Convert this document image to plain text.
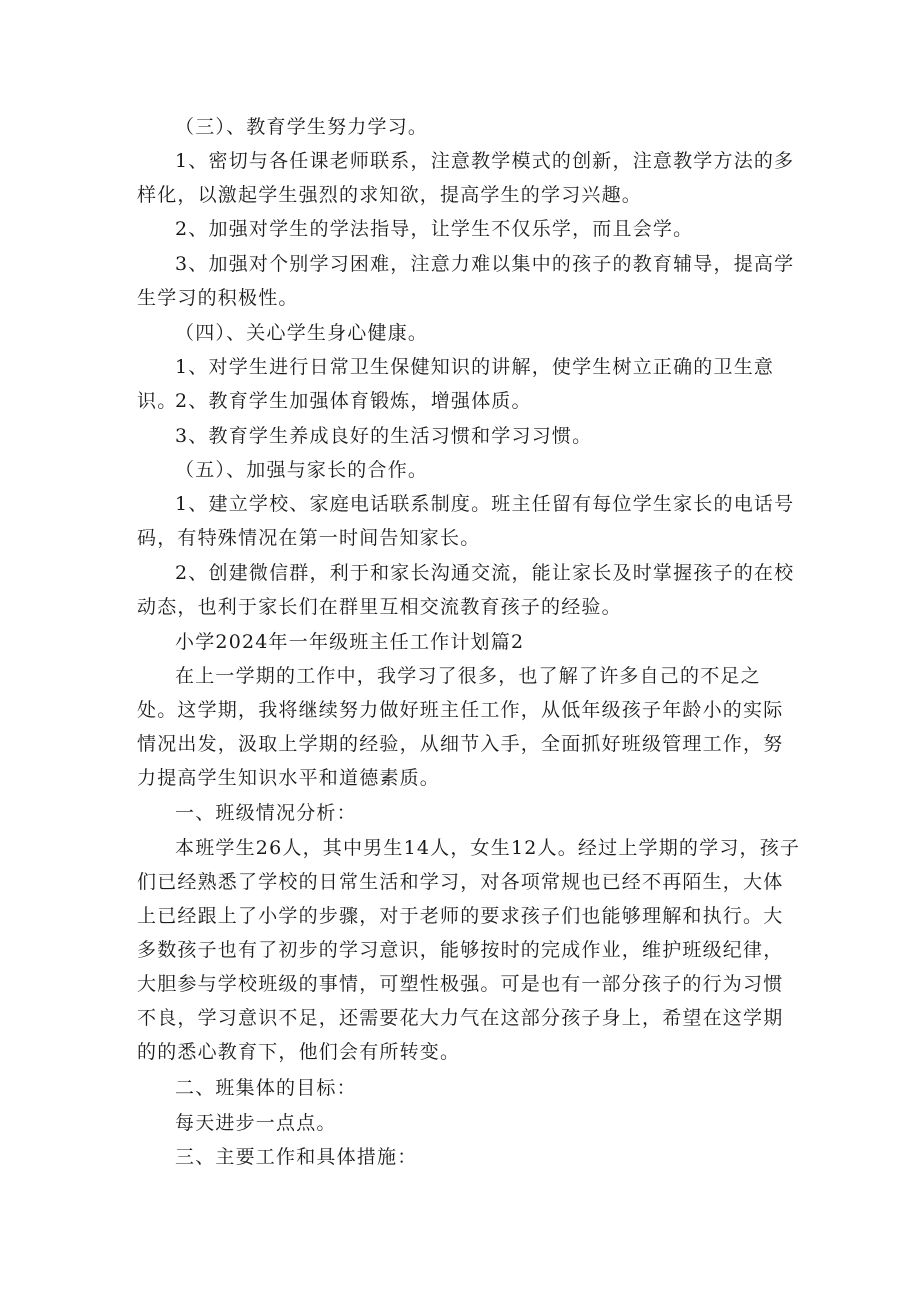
（三）、教育学生努力学习。

1、密切与各任课老师联系，注意教学模式的创新，注意教学方法的多样化，以激起学生强烈的求知欲，提高学生的学习兴趣。

2、加强对学生的学法指导，让学生不仅乐学，而且会学。

3、加强对个别学习困难，注意力难以集中的孩子的教育辅导，提高学生学习的积极性。

（四）、关心学生身心健康。

1、对学生进行日常卫生保健知识的讲解，使学生树立正确的卫生意识。

2、教育学生加强体育锻炼，增强体质。

3、教育学生养成良好的生活习惯和学习习惯。

（五）、加强与家长的合作。

1、建立学校、家庭电话联系制度。班主任留有每位学生家长的电话号码，有特殊情况在第一时间告知家长。

2、创建微信群，利于和家长沟通交流，能让家长及时掌握孩子的在校动态，也利于家长们在群里互相交流教育孩子的经验。

小学2024年一年级班主任工作计划篇2

在上一学期的工作中，我学习了很多，也了解了许多自己的不足之处。这学期，我将继续努力做好班主任工作，从低年级孩子年龄小的实际情况出发，汲取上学期的经验，从细节入手，全面抓好班级管理工作，努力提高学生知识水平和道德素质。

一、班级情况分析：

本班学生26人，其中男生14人，女生12人。经过上学期的学习，孩子们已经熟悉了学校的日常生活和学习，对各项常规也已经不再陌生，大体上已经跟上了小学的步骤，对于老师的要求孩子们也能够理解和执行。大多数孩子也有了初步的学习意识，能够按时的完成作业，维护班级纪律，大胆参与学校班级的事情，可塑性极强。可是也有一部分孩子的行为习惯不良，学习意识不足，还需要花大力气在这部分孩子身上，希望在这学期的的悉心教育下，他们会有所转变。

二、班集体的目标：

每天进步一点点。

三、主要工作和具体措施：
